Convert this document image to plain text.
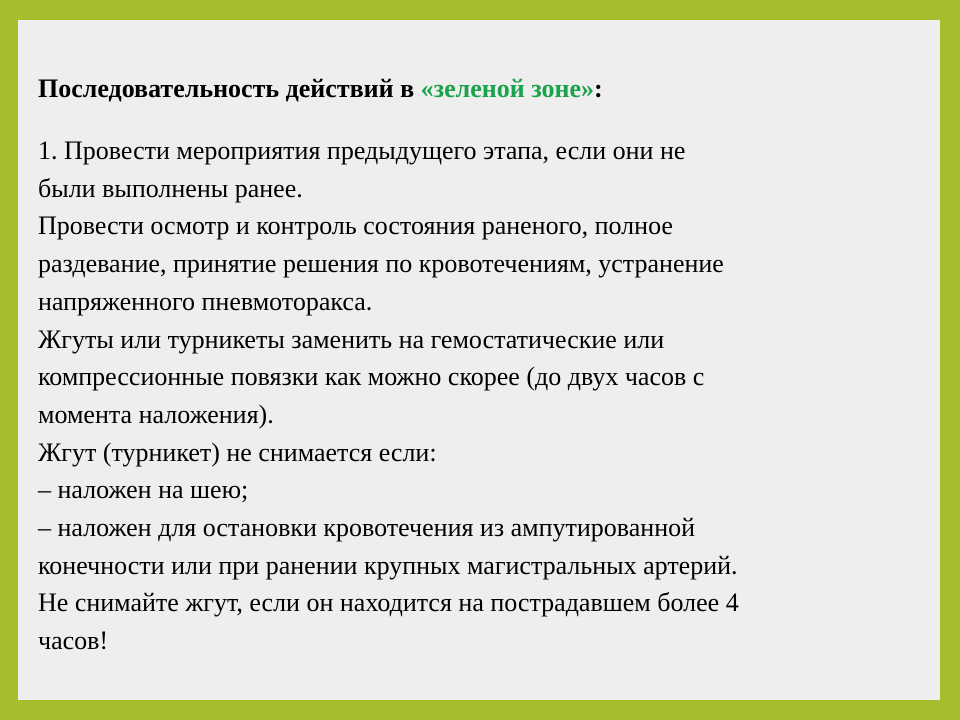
Последовательность действий в «зеленой зоне»:
1. Провести мероприятия предыдущего этапа, если они не
были выполнены ранее.
Провести осмотр и контроль состояния раненого, полное
раздевание, принятие решения по кровотечениям, устранение
напряженного пневмоторакса.
Жгуты или турникеты заменить на гемостатические или
компрессионные повязки как можно скорее (до двух часов с
момента наложения).
Жгут (турникет) не снимается если:
– наложен на шею;
– наложен для остановки кровотечения из ампутированной
конечности или при ранении крупных магистральных артерий.
Не снимайте жгут, если он находится на пострадавшем более 4
часов!
